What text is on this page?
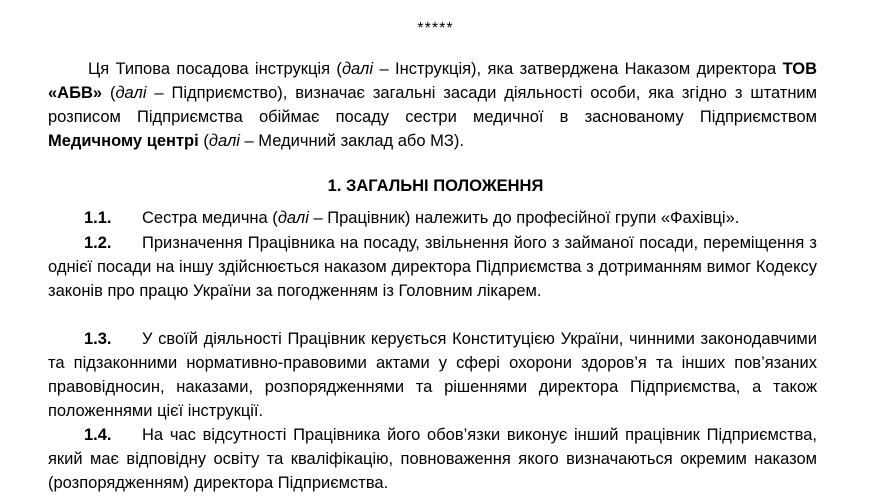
*****

Ця Типова посадова інструкція (далі – Інструкція), яка затверджена Наказом директора ТОВ «АБВ» (далі – Підприємство), визначає загальні засади діяльності особи, яка згідно з штатним розписом Підприємства обіймає посаду сестри медичної в заснованому Підприємством Медичному центрі (далі – Медичний заклад або МЗ).

1. ЗАГАЛЬНІ ПОЛОЖЕННЯ

1.1. Сестра медична (далі – Працівник) належить до професійної групи «Фахівці».

1.2. Призначення Працівника на посаду, звільнення його з займаної посади, переміщення з однієї посади на іншу здійснюється наказом директора Підприємства з дотриманням вимог Кодексу законів про працю України за погодженням із Головним лікарем.

1.3. У своїй діяльності Працівник керується Конституцією України, чинними законодавчими та підзаконними нормативно-правовими актами у сфері охорони здоров’я та інших пов’язаних правовідносин, наказами, розпорядженнями та рішеннями директора Підприємства, а також положеннями цієї інструкції.

1.4. На час відсутності Працівника його обов’язки виконує інший працівник Підприємства, який має відповідну освіту та кваліфікацію, повноваження якого визначаються окремим наказом (розпорядженням) директора Підприємства.
